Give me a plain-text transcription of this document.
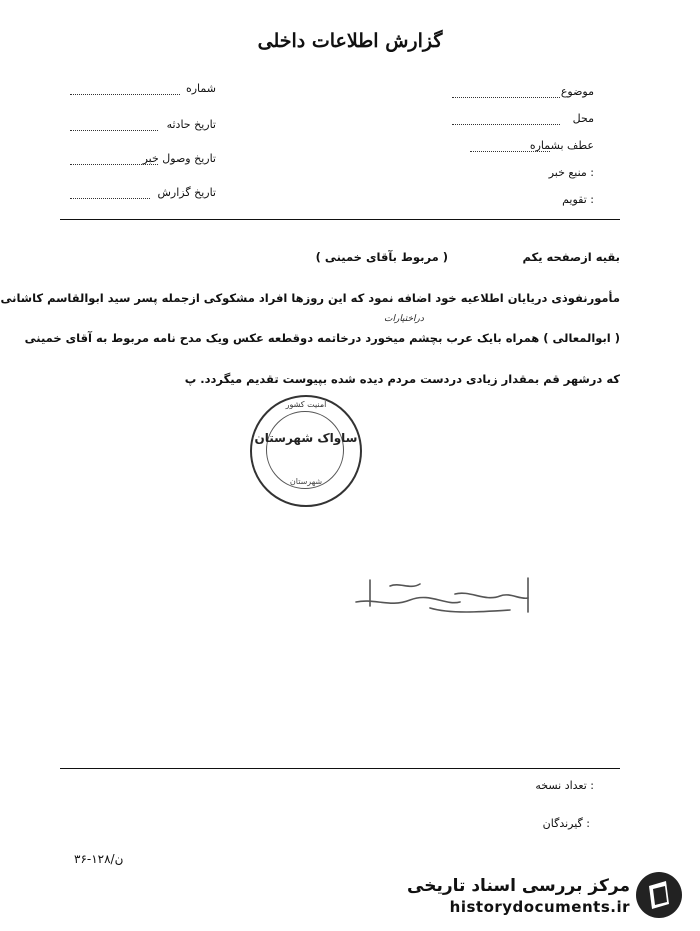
گزارش اطلاعات داخلی
موضوع
محل
عطف بشماره
منبع خبر :
تقویم :
شماره
تاریخ حادثه
تاریخ وصول خبر
تاریخ گزارش
بقیه ازصفحه یکم
( مربوط بآقای خمینی )
مأمورنفوذی دریایان اطلاعیه خود اضافه نمود که این روزها افراد مشکوکی ازجمله پسر سید ابوالقاسم کاشانی
دراختیارات
( ابوالمعالی ) همراه بایک عرب بچشم میخورد درخاتمه دوقطعه عکس ویک مدح نامه مربوط به آقای خمینی
که درشهر قم بمقدار زیادی دردست مردم دیده شده بپیوست تقدیم میگردد. پ
امنیت کشور
ساواک شهرستان
شهرستان
تعداد نسخه :
گیرندگان :
۳۶-۱۲۸/ن
مرکز بررسی اسناد تاریخی
historydocuments.ir
